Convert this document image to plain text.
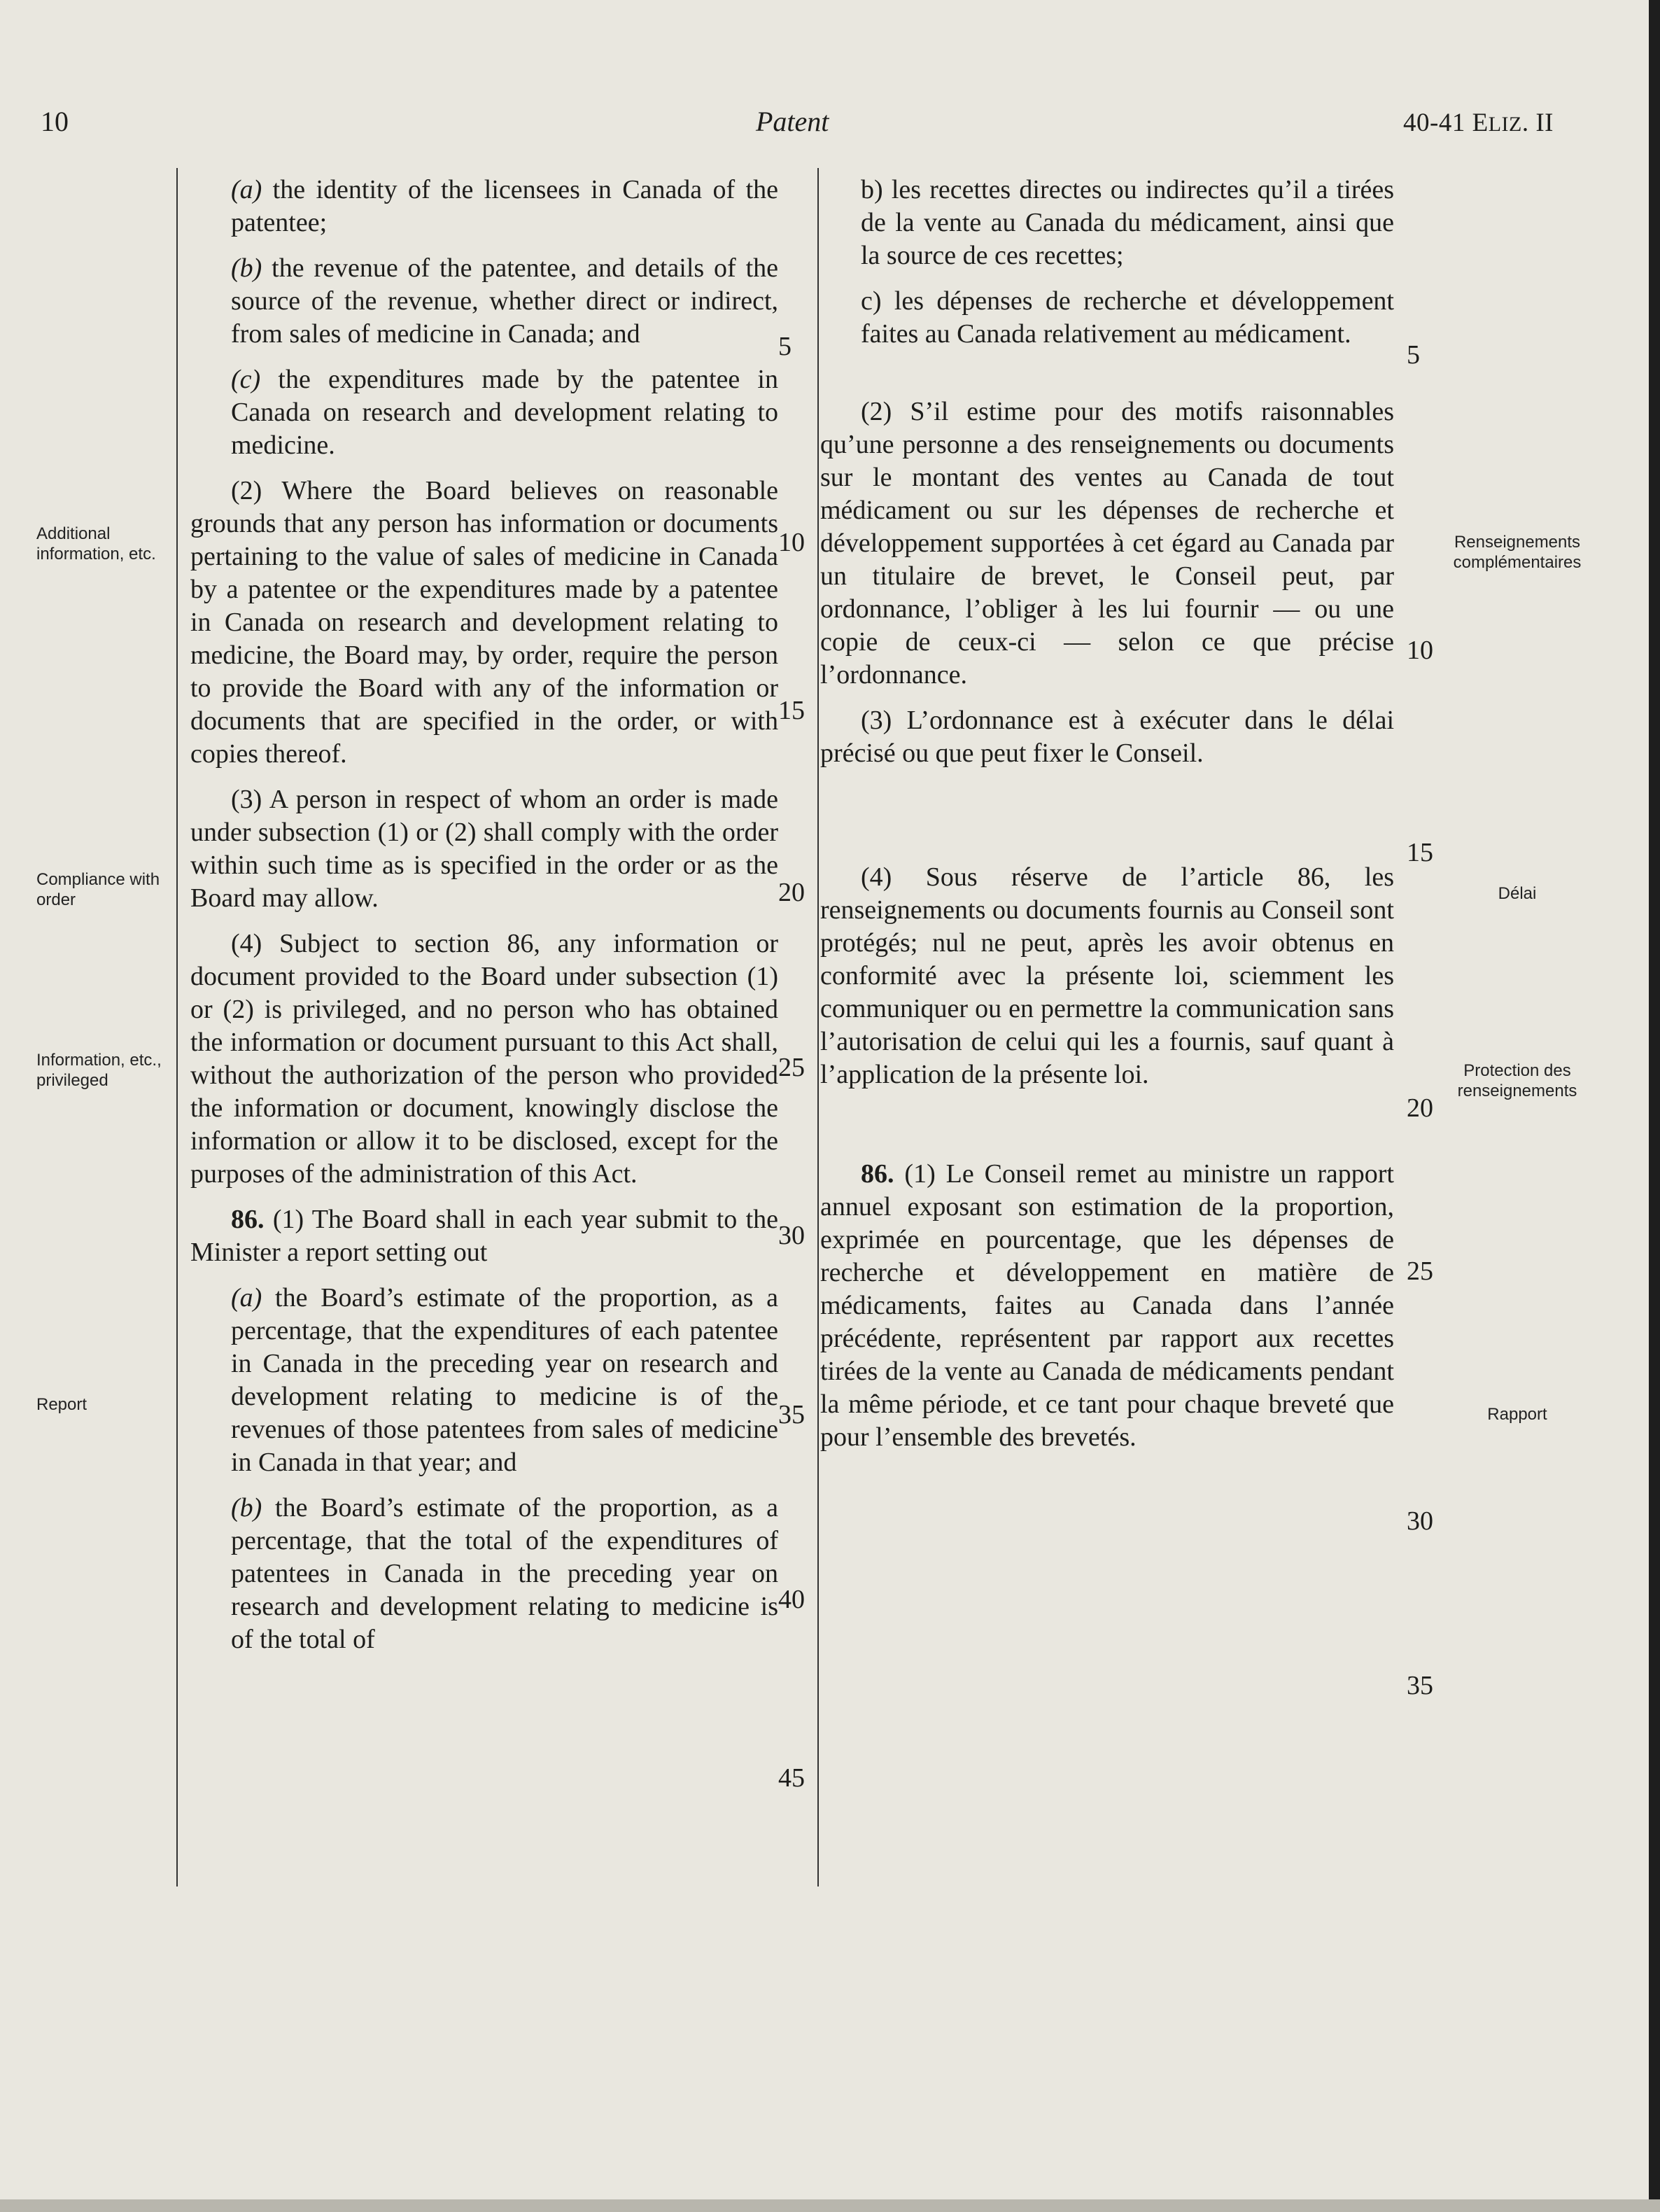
10	Patent	40-41 ELIZ. II

(a) the identity of the licensees in Canada of the patentee;

(b) the revenue of the patentee, and details of the source of the revenue, whether direct or indirect, from sales of medicine in Canada; and

(c) the expenditures made by the patentee in Canada on research and development relating to medicine.

(2) Where the Board believes on reasonable grounds that any person has information or documents pertaining to the value of sales of medicine in Canada by a patentee or the expenditures made by a patentee in Canada on research and development relating to medicine, the Board may, by order, require the person to provide the Board with any of the information or documents that are specified in the order, or with copies thereof.

(3) A person in respect of whom an order is made under subsection (1) or (2) shall comply with the order within such time as is specified in the order or as the Board may allow.

(4) Subject to section 86, any information or document provided to the Board under subsection (1) or (2) is privileged, and no person who has obtained the information or document pursuant to this Act shall, without the authorization of the person who provided the information or document, knowingly disclose the information or allow it to be disclosed, except for the purposes of the administration of this Act.

86. (1) The Board shall in each year submit to the Minister a report setting out

(a) the Board’s estimate of the proportion, as a percentage, that the expenditures of each patentee in Canada in the preceding year on research and development relating to medicine is of the revenues of those patentees from sales of medicine in Canada in that year; and

(b) the Board’s estimate of the proportion, as a percentage, that the total of the expenditures of patentees in Canada in the preceding year on research and development relating to medicine is of the total of

b) les recettes directes ou indirectes qu’il a tirées de la vente au Canada du médicament, ainsi que la source de ces recettes;

c) les dépenses de recherche et développement faites au Canada relativement au médicament.

(2) S’il estime pour des motifs raisonnables qu’une personne a des renseignements ou documents sur le montant des ventes au Canada de tout médicament ou sur les dépenses de recherche et développement supportées à cet égard au Canada par un titulaire de brevet, le Conseil peut, par ordonnance, l’obliger à les lui fournir — ou une copie de ceux-ci — selon ce que précise l’ordonnance.

(3) L’ordonnance est à exécuter dans le délai précisé ou que peut fixer le Conseil.

(4) Sous réserve de l’article 86, les renseignements ou documents fournis au Conseil sont protégés; nul ne peut, après les avoir obtenus en conformité avec la présente loi, sciemment les communiquer ou en permettre la communication sans l’autorisation de celui qui les a fournis, sauf quant à l’application de la présente loi.

86. (1) Le Conseil remet au ministre un rapport annuel exposant son estimation de la proportion, exprimée en pourcentage, que les dépenses de recherche et développement en matière de médicaments, faites au Canada dans l’année précédente, représentent par rapport aux recettes tirées de la vente au Canada de médicaments pendant la même période, et ce tant pour chaque breveté que pour l’ensemble des brevetés.

5
10
15
20
25
30
35
40
45
5
10
15
20
25
30
35
Additional information, etc.
Compliance with order
Information, etc., privileged
Report
Renseignements complémentaires
Délai
Protection des renseignements
Rapport
